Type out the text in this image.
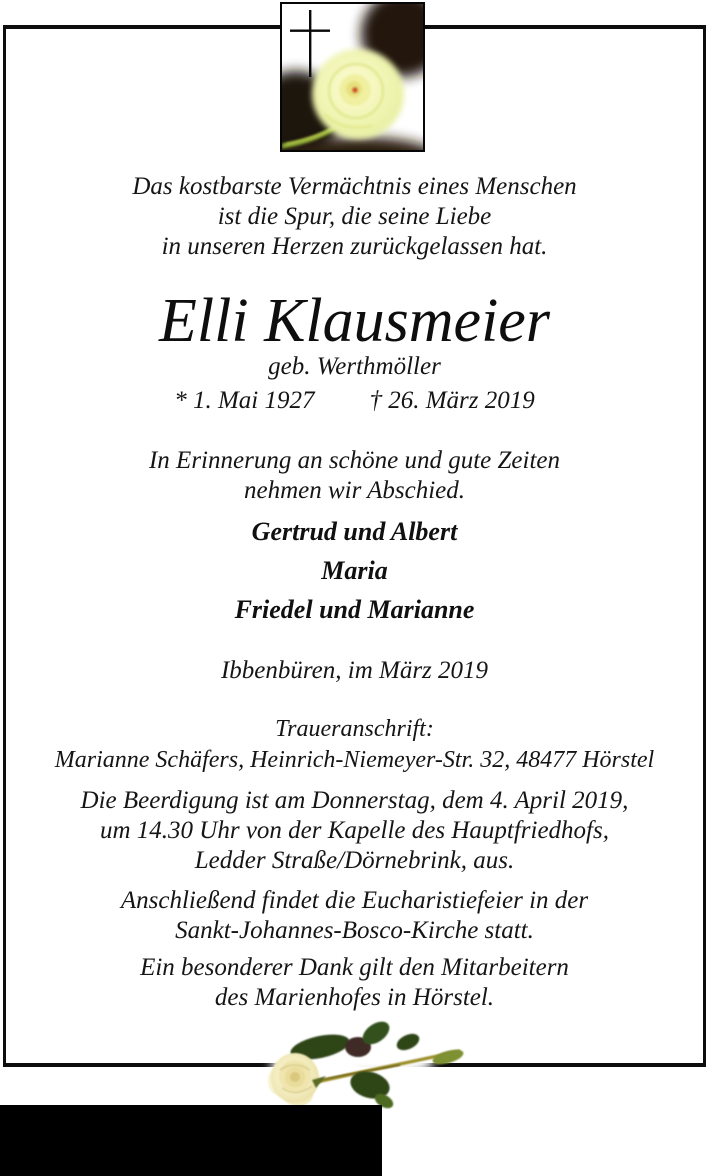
Das kostbarste Vermächtnis eines Menschen
ist die Spur, die seine Liebe
in unseren Herzen zurückgelassen hat.
Elli Klausmeier
geb. Werthmöller
* 1. Mai 1927 † 26. März 2019
In Erinnerung an schöne und gute Zeiten
nehmen wir Abschied.
Gertrud und Albert
Maria
Friedel und Marianne
Ibbenbüren, im März 2019
Traueranschrift:
Marianne Schäfers, Heinrich-Niemeyer-Str. 32, 48477 Hörstel
Die Beerdigung ist am Donnerstag, dem 4. April 2019,
um 14.30 Uhr von der Kapelle des Hauptfriedhofs,
Ledder Straße/Dörnebrink, aus.
Anschließend findet die Eucharistiefeier in der
Sankt-Johannes-Bosco-Kirche statt.
Ein besonderer Dank gilt den Mitarbeitern
des Marienhofes in Hörstel.
